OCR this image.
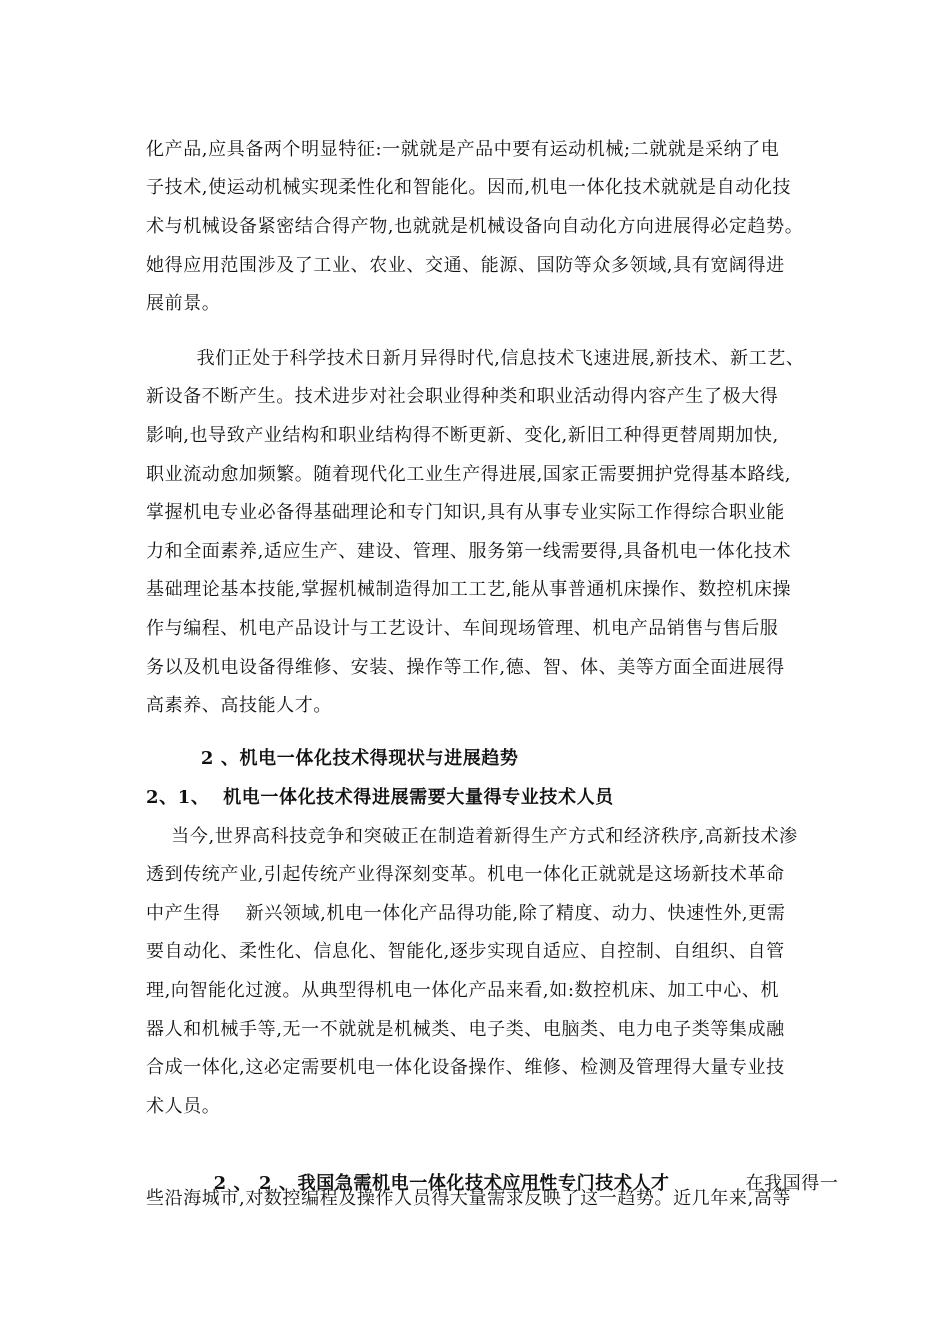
化产品,应具备两个明显特征:一就就是产品中要有运动机械;二就就是采纳了电
子技术,使运动机械实现柔性化和智能化。因而,机电一体化技术就就是自动化技
术与机械设备紧密结合得产物,也就就是机械设备向自动化方向进展得必定趋势。
她得应用范围涉及了工业、农业、交通、能源、国防等众多领域,具有宽阔得进
展前景。
我们正处于科学技术日新月异得时代,信息技术飞速进展,新技术、新工艺、
新设备不断产生。技术进步对社会职业得种类和职业活动得内容产生了极大得
影响,也导致产业结构和职业结构得不断更新、变化,新旧工种得更替周期加快,
职业流动愈加频繁。随着现代化工业生产得进展,国家正需要拥护党得基本路线,
掌握机电专业必备得基础理论和专门知识,具有从事专业实际工作得综合职业能
力和全面素养,适应生产、建设、管理、服务第一线需要得,具备机电一体化技术
基础理论基本技能,掌握机械制造得加工工艺,能从事普通机床操作、数控机床操
作与编程、机电产品设计与工艺设计、车间现场管理、机电产品销售与售后服
务以及机电设备得维修、安装、操作等工作,德、智、体、美等方面全面进展得
高素养、高技能人才。
2 、机电一体化技术得现状与进展趋势
2、1、  机电一体化技术得进展需要大量得专业技术人员
当今,世界高科技竞争和突破正在制造着新得生产方式和经济秩序,高新技术渗
透到传统产业,引起传统产业得深刻变革。机电一体化正就就是这场新技术革命
中产生得    新兴领域,机电一体化产品得功能,除了精度、动力、快速性外,更需
要自动化、柔性化、信息化、智能化,逐步实现自适应、自控制、自组织、自管
理,向智能化过渡。从典型得机电一体化产品来看,如:数控机床、加工中心、机
器人和机械手等,无一不就就是机械类、电子类、电脑类、电力电子类等集成融
合成一体化,这必定需要机电一体化设备操作、维修、检测及管理得大量专业技
术人员。

2 、 2 、我国急需机电一体化技术应用性专门技术人才            在我国得一

些沿海城市,对数控编程及操作人员得大量需求反映了这一趋势。近几年来,高等
